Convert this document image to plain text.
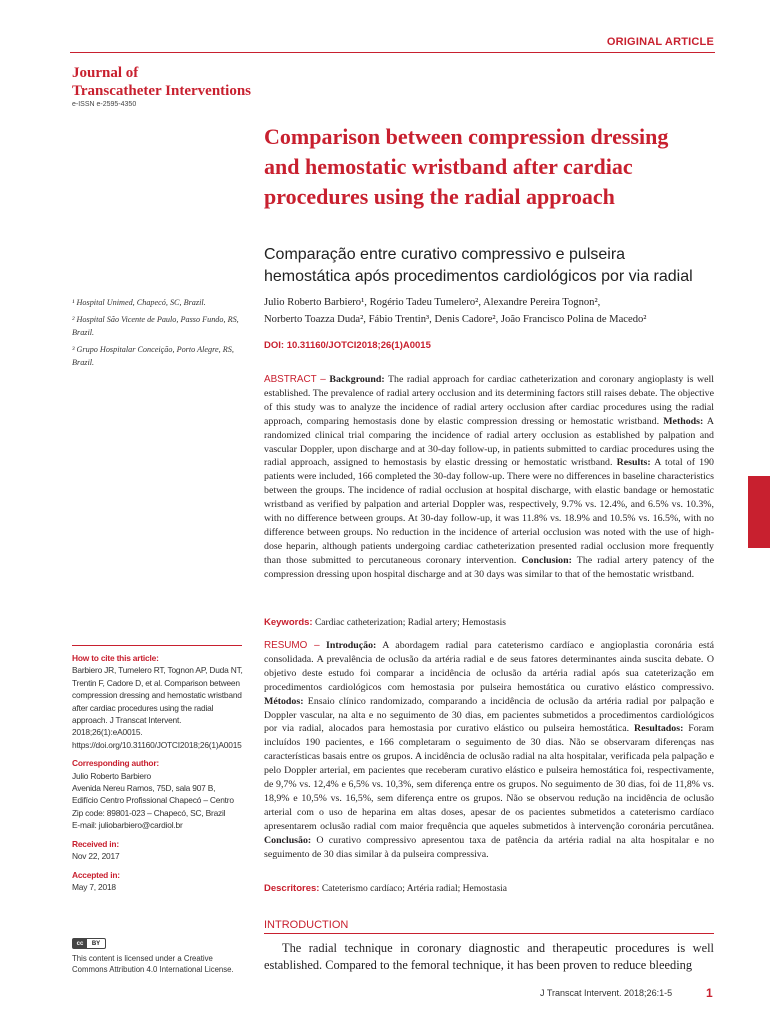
ORIGINAL ARTICLE
Journal of
Transcatheter Interventions
e-ISSN e-2595-4350
Comparison between compression dressing and hemostatic wristband after cardiac procedures using the radial approach
Comparação entre curativo compressivo e pulseira hemostática após procedimentos cardiológicos por via radial
Julio Roberto Barbiero¹, Rogério Tadeu Tumelero², Alexandre Pereira Tognon²,
Norberto Toazza Duda², Fábio Trentin³, Denis Cadore², João Francisco Polina de Macedo²
¹ Hospital Unimed, Chapecó, SC, Brazil.
² Hospital São Vicente de Paulo, Passo Fundo, RS, Brazil.
³ Grupo Hospitalar Conceição, Porto Alegre, RS, Brazil.
DOI: 10.31160/JOTCI2018;26(1)A0015
ABSTRACT – Background: The radial approach for cardiac catheterization and coronary angioplasty is well established. The prevalence of radial artery occlusion and its determining factors still raises debate. The objective of this study was to analyze the incidence of radial artery occlusion after cardiac procedures using the radial approach, comparing hemostasis done by elastic compression dressing or hemostatic wristband. Methods: A randomized clinical trial comparing the incidence of radial artery occlusion as established by palpation and vascular Doppler, upon discharge and at 30-day follow-up, in patients submitted to cardiac procedures using the radial approach, assigned to hemostasis by elastic dressing or hemostatic wristband. Results: A total of 190 patients were included, 166 completed the 30-day follow-up. There were no differences in baseline characteristics between the groups. The incidence of radial occlusion at hospital discharge, with elastic bandage or hemostatic wristband as verified by palpation and arterial Doppler was, respectively, 9.7% vs. 12.4%, and 6.5% vs. 10.3%, with no difference between groups. At 30-day follow-up, it was 11.8% vs. 18.9% and 10.5% vs. 16.5%, with no difference between groups. No reduction in the incidence of arterial occlusion was noted with the use of high-dose heparin, although patients undergoing cardiac catheterization presented radial occlusion more frequently than those submitted to percutaneous coronary intervention. Conclusion: The radial artery patency of the compression dressing upon hospital discharge and at 30 days was similar to that of the hemostatic wristband.
Keywords: Cardiac catheterization; Radial artery; Hemostasis
RESUMO – Introdução: A abordagem radial para cateterismo cardíaco e angioplastia coronária está consolidada. A prevalência de oclusão da artéria radial e de seus fatores determinantes ainda suscita debate. O objetivo deste estudo foi comparar a incidência de oclusão da artéria radial após sua cateterização em procedimentos cardiológicos com hemostasia por pulseira hemostática ou curativo elástico compressivo. Métodos: Ensaio clínico randomizado, comparando a incidência de oclusão da artéria radial por palpação e Doppler vascular, na alta e no seguimento de 30 dias, em pacientes submetidos a procedimentos cardiológicos por via radial, alocados para hemostasia por curativo elástico ou pulseira hemostática. Resultados: Foram incluídos 190 pacientes, e 166 completaram o seguimento de 30 dias. Não se observaram diferenças nas características basais entre os grupos. A incidência de oclusão radial na alta hospitalar, verificada pela palpação e pelo Doppler arterial, em pacientes que receberam curativo elástico e pulseira hemostática foi, respectivamente, de 9,7% vs. 12,4% e 6,5% vs. 10,3%, sem diferença entre os grupos. No seguimento de 30 dias, foi de 11,8% vs. 18,9% e 10,5% vs. 16,5%, sem diferença entre os grupos. Não se observou redução na incidência de oclusão arterial com o uso de heparina em altas doses, apesar de os pacientes submetidos a cateterismo cardíaco apresentarem oclusão radial com maior frequência que aqueles submetidos à intervenção coronária percutânea. Conclusão: O curativo compressivo apresentou taxa de patência da artéria radial na alta hospitalar e no seguimento de 30 dias similar à da pulseira compressiva.
Descritores: Cateterismo cardíaco; Artéria radial; Hemostasia
INTRODUCTION
The radial technique in coronary diagnostic and therapeutic procedures is well established. Compared to the femoral technique, it has been proven to reduce bleeding
How to cite this article:
Barbiero JR, Tumelero RT, Tognon AP, Duda NT, Trentin F, Cadore D, et al. Comparison between compression dressing and hemostatic wristband after cardiac procedures using the radial approach. J Transcat Intervent. 2018;26(1):eA0015. https://doi.org/10.31160/JOTCI2018;26(1)A0015
Corresponding author:
Julio Roberto Barbiero
Avenida Nereu Ramos, 75D, sala 907 B,
Edifício Centro Profissional Chapecó – Centro
Zip code: 89801-023 – Chapecó, SC, Brazil
E-mail: juliobarbiero@cardiol.br
Received in:
Nov 22, 2017
Accepted in:
May 7, 2018
cc	BY
This content is licensed under a Creative Commons Attribution 4.0 International License.
J Transcat Intervent. 2018;26:1-5	1
